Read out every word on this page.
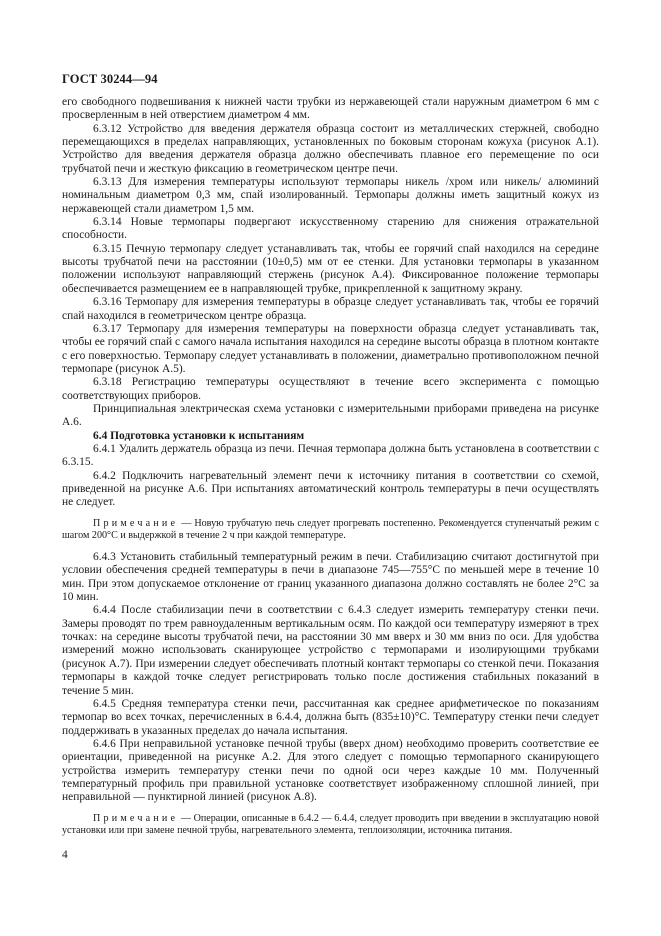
ГОСТ 30244—94

его свободного подвешивания к нижней части трубки из нержавеющей стали наружным диаметром 6 мм с просверленным в ней отверстием диаметром 4 мм.

6.3.12 Устройство для введения держателя образца состоит из металлических стержней, свободно перемещающихся в пределах направляющих, установленных по боковым сторонам кожуха (рисунок А.1). Устройство для введения держателя образца должно обеспечивать плавное его перемещение по оси трубчатой печи и жесткую фиксацию в геометрическом центре печи.

6.3.13 Для измерения температуры используют термопары никель /хром или никель/ алюминий номинальным диаметром 0,3 мм, спай изолированный. Термопары должны иметь защитный кожух из нержавеющей стали диаметром 1,5 мм.

6.3.14 Новые термопары подвергают искусственному старению для снижения отражательной способности.

6.3.15 Печную термопару следует устанавливать так, чтобы ее горячий спай находился на середине высоты трубчатой печи на расстоянии (10±0,5) мм от ее стенки. Для установки термопары в указанном положении используют направляющий стержень (рисунок А.4). Фиксированное положение термопары обеспечивается размещением ее в направляющей трубке, прикрепленной к защитному экрану.

6.3.16 Термопару для измерения температуры в образце следует устанавливать так, чтобы ее горячий спай находился в геометрическом центре образца.

6.3.17 Термопару для измерения температуры на поверхности образца следует устанавливать так, чтобы ее горячий спай с самого начала испытания находился на середине высоты образца в плотном контакте с его поверхностью. Термопару следует устанавливать в положении, диаметрально противоположном печной термопаре (рисунок А.5).

6.3.18 Регистрацию температуры осуществляют в течение всего эксперимента с помощью соответствующих приборов.

Принципиальная электрическая схема установки с измерительными приборами приведена на рисунке А.6.

6.4 Подготовка установки к испытаниям

6.4.1 Удалить держатель образца из печи. Печная термопара должна быть установлена в соответствии с 6.3.15.

6.4.2 Подключить нагревательный элемент печи к источнику питания в соответствии со схемой, приведенной на рисунке А.6. При испытаниях автоматический контроль температуры в печи осуществлять не следует.

Примечание — Новую трубчатую печь следует прогревать постепенно. Рекомендуется ступенчатый режим с шагом 200°С и выдержкой в течение 2 ч при каждой температуре.

6.4.3 Установить стабильный температурный режим в печи. Стабилизацию считают достигнутой при условии обеспечения средней температуры в печи в диапазоне 745—755°С по меньшей мере в течение 10 мин. При этом допускаемое отклонение от границ указанного диапазона должно составлять не более 2°С за 10 мин.

6.4.4 После стабилизации печи в соответствии с 6.4.3 следует измерить температуру стенки печи. Замеры проводят по трем равноудаленным вертикальным осям. По каждой оси температуру измеряют в трех точках: на середине высоты трубчатой печи, на расстоянии 30 мм вверх и 30 мм вниз по оси. Для удобства измерений можно использовать сканирующее устройство с термопарами и изолирующими трубками (рисунок А.7). При измерении следует обеспечивать плотный контакт термопары со стенкой печи. Показания термопары в каждой точке следует регистрировать только после достижения стабильных показаний в течение 5 мин.

6.4.5 Средняя температура стенки печи, рассчитанная как среднее арифметическое по показаниям термопар во всех точках, перечисленных в 6.4.4, должна быть (835±10)°С. Температуру стенки печи следует поддерживать в указанных пределах до начала испытания.

6.4.6 При неправильной установке печной трубы (вверх дном) необходимо проверить соответствие ее ориентации, приведенной на рисунке А.2. Для этого следует с помощью термопарного сканирующего устройства измерить температуру стенки печи по одной оси через каждые 10 мм. Полученный температурный профиль при правильной установке соответствует изображенному сплошной линией, при неправильной — пунктирной линией (рисунок А.8).

Примечание — Операции, описанные в 6.4.2 — 6.4.4, следует проводить при введении в эксплуатацию новой установки или при замене печной трубы, нагревательного элемента, теплоизоляции, источника питания.

4
